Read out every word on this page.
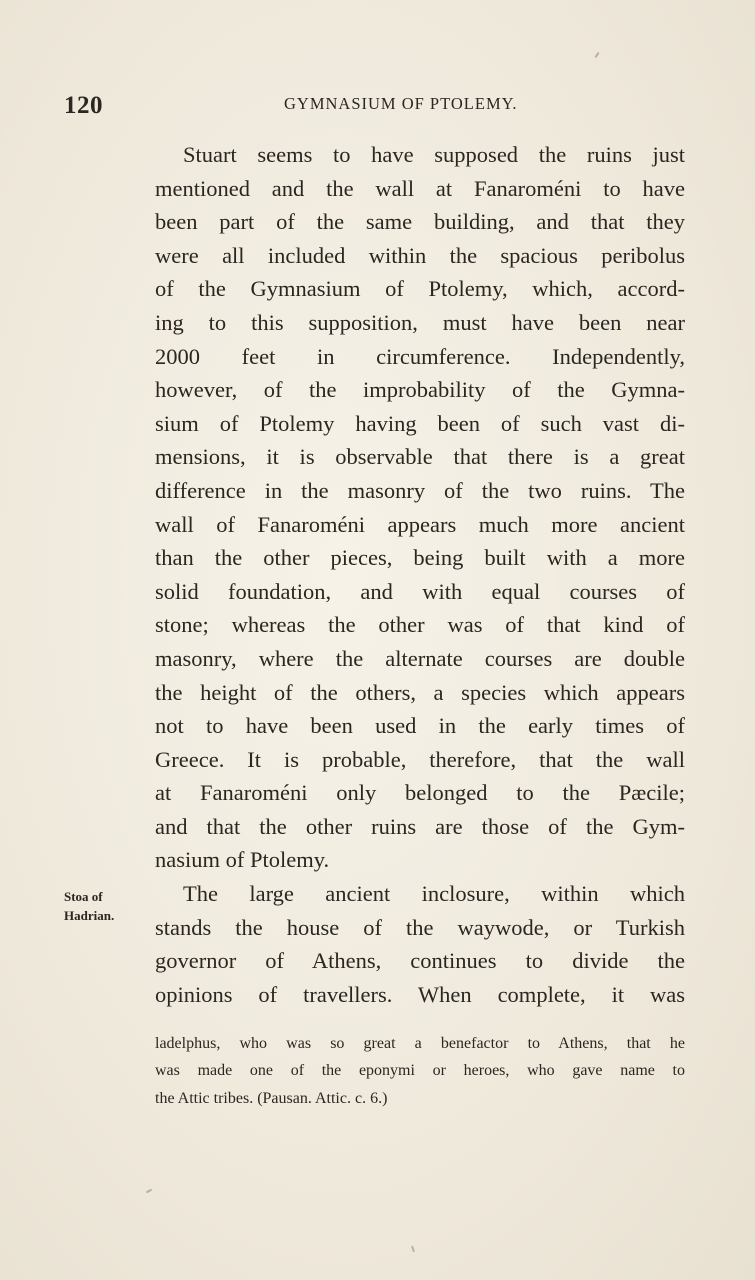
120	GYMNASIUM OF PTOLEMY.
Stuart seems to have supposed the ruins just
mentioned and the wall at Fanaroméni to have
been part of the same building, and that they
were all included within the spacious peribolus
of the Gymnasium of Ptolemy, which, accord-
ing to this supposition, must have been near
2000 feet in circumference. Independently,
however, of the improbability of the Gymna-
sium of Ptolemy having been of such vast di-
mensions, it is observable that there is a great
difference in the masonry of the two ruins. The
wall of Fanaroméni appears much more ancient
than the other pieces, being built with a more
solid foundation, and with equal courses of
stone; whereas the other was of that kind of
masonry, where the alternate courses are double
the height of the others, a species which appears
not to have been used in the early times of
Greece. It is probable, therefore, that the wall
at Fanaroméni only belonged to the Pæcile;
and that the other ruins are those of the Gym-
nasium of Ptolemy.
The large ancient inclosure, within which
stands the house of the waywode, or Turkish
governor of Athens, continues to divide the
opinions of travellers. When complete, it was
Stoa of
Hadrian.
ladelphus, who was so great a benefactor to Athens, that he
was made one of the eponymi or heroes, who gave name to
the Attic tribes. (Pausan. Attic. c. 6.)
